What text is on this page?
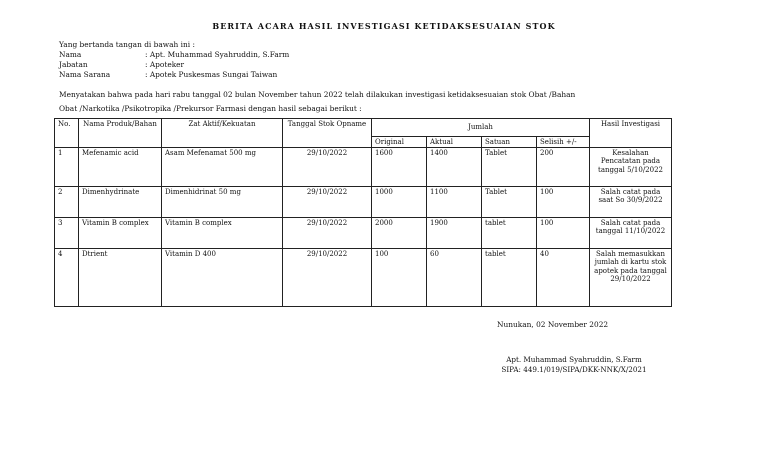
BERITA ACARA HASIL INVESTIGASI KETIDAKSESUAIAN STOK
Yang bertanda tangan di bawah ini :
Nama	: Apt. Muhammad Syahruddin, S.Farm
Jabatan	: Apoteker
Nama Sarana	: Apotek Puskesmas Sungai Taiwan
Menyatakan bahwa pada hari rabu tanggal 02 bulan November tahun 2022 telah dilakukan investigasi ketidaksesuaian stok Obat /Bahan
Obat /Narkotika /Psikotropika /Prekursor Farmasi dengan hasil sebagai berikut :
No.	Nama Produk/Bahan	Zat Aktif/Kekuatan	Tanggal Stok Opname	Jumlah				Hasil Investigasi
				Original	Aktual	Satuan	Selisih +/-	
1	Mefenamic acid	Asam Mefenamat 500 mg	29/10/2022	1600	1400	Tablet	200	Kesalahan Pencatatan pada tanggal 5/10/2022
2	Dimenhydrinate	Dimenhidrinat 50 mg	29/10/2022	1000	1100	Tablet	100	Salah catat pada saat So 30/9/2022
3	Vitamin B complex	Vitamin B complex	29/10/2022	2000	1900	tablet	100	Salah catat pada tanggal 11/10/2022
4	Dtrient	Vitamin D 400	29/10/2022	100	60	tablet	40	Salah memasukkan jumlah di kartu stok apotek pada tanggal 29/10/2022
Nunukan, 02 November 2022
Apt. Muhammad Syahruddin, S.Farm
SIPA: 449.1/019/SIPA/DKK-NNK/X/2021
